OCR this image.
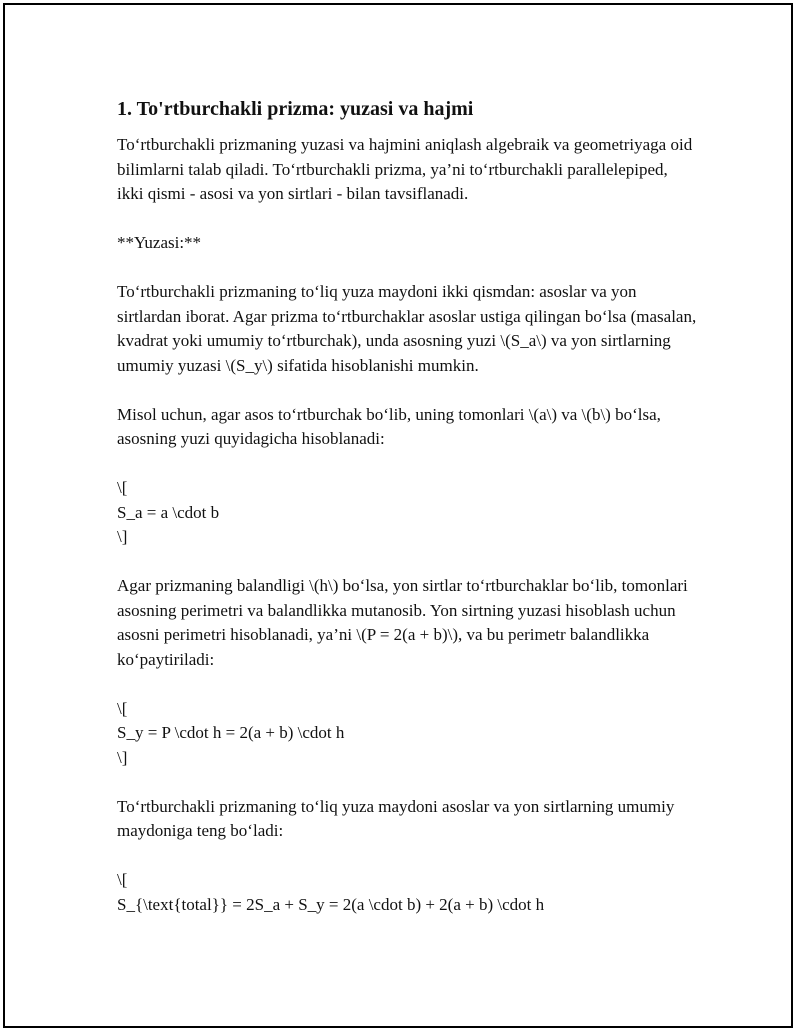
1. To'rtburchakli prizma: yuzasi va hajmi

To‘rtburchakli prizmaning yuzasi va hajmini aniqlash algebraik va geometriyaga oid bilimlarni talab qiladi. To‘rtburchakli prizma, ya’ni to‘rtburchakli parallelepiped, ikki qismi - asosi va yon sirtlari - bilan tavsiflanadi.

**Yuzasi:**

To‘rtburchakli prizmaning to‘liq yuza maydoni ikki qismdan: asoslar va yon sirtlardan iborat. Agar prizma to‘rtburchaklar asoslar ustiga qilingan bo‘lsa (masalan, kvadrat yoki umumiy to‘rtburchak), unda asosning yuzi \(S_a\) va yon sirtlarning umumiy yuzasi \(S_y\) sifatida hisoblanishi mumkin.

Misol uchun, agar asos to‘rtburchak bo‘lib, uning tomonlari \(a\) va \(b\) bo‘lsa, asosning yuzi quyidagicha hisoblanadi:

\[
S_a = a \cdot b
\]

Agar prizmaning balandligi \(h\) bo‘lsa, yon sirtlar to‘rtburchaklar bo‘lib, tomonlari asosning perimetri va balandlikka mutanosib. Yon sirtning yuzasi hisoblash uchun asosni perimetri hisoblanadi, ya’ni \(P = 2(a + b)\), va bu perimetr balandlikka ko‘paytiriladi:

\[
S_y = P \cdot h = 2(a + b) \cdot h
\]

To‘rtburchakli prizmaning to‘liq yuza maydoni asoslar va yon sirtlarning umumiy maydoniga teng bo‘ladi:

\[
S_{\text{total}} = 2S_a + S_y = 2(a \cdot b) + 2(a + b) \cdot h
